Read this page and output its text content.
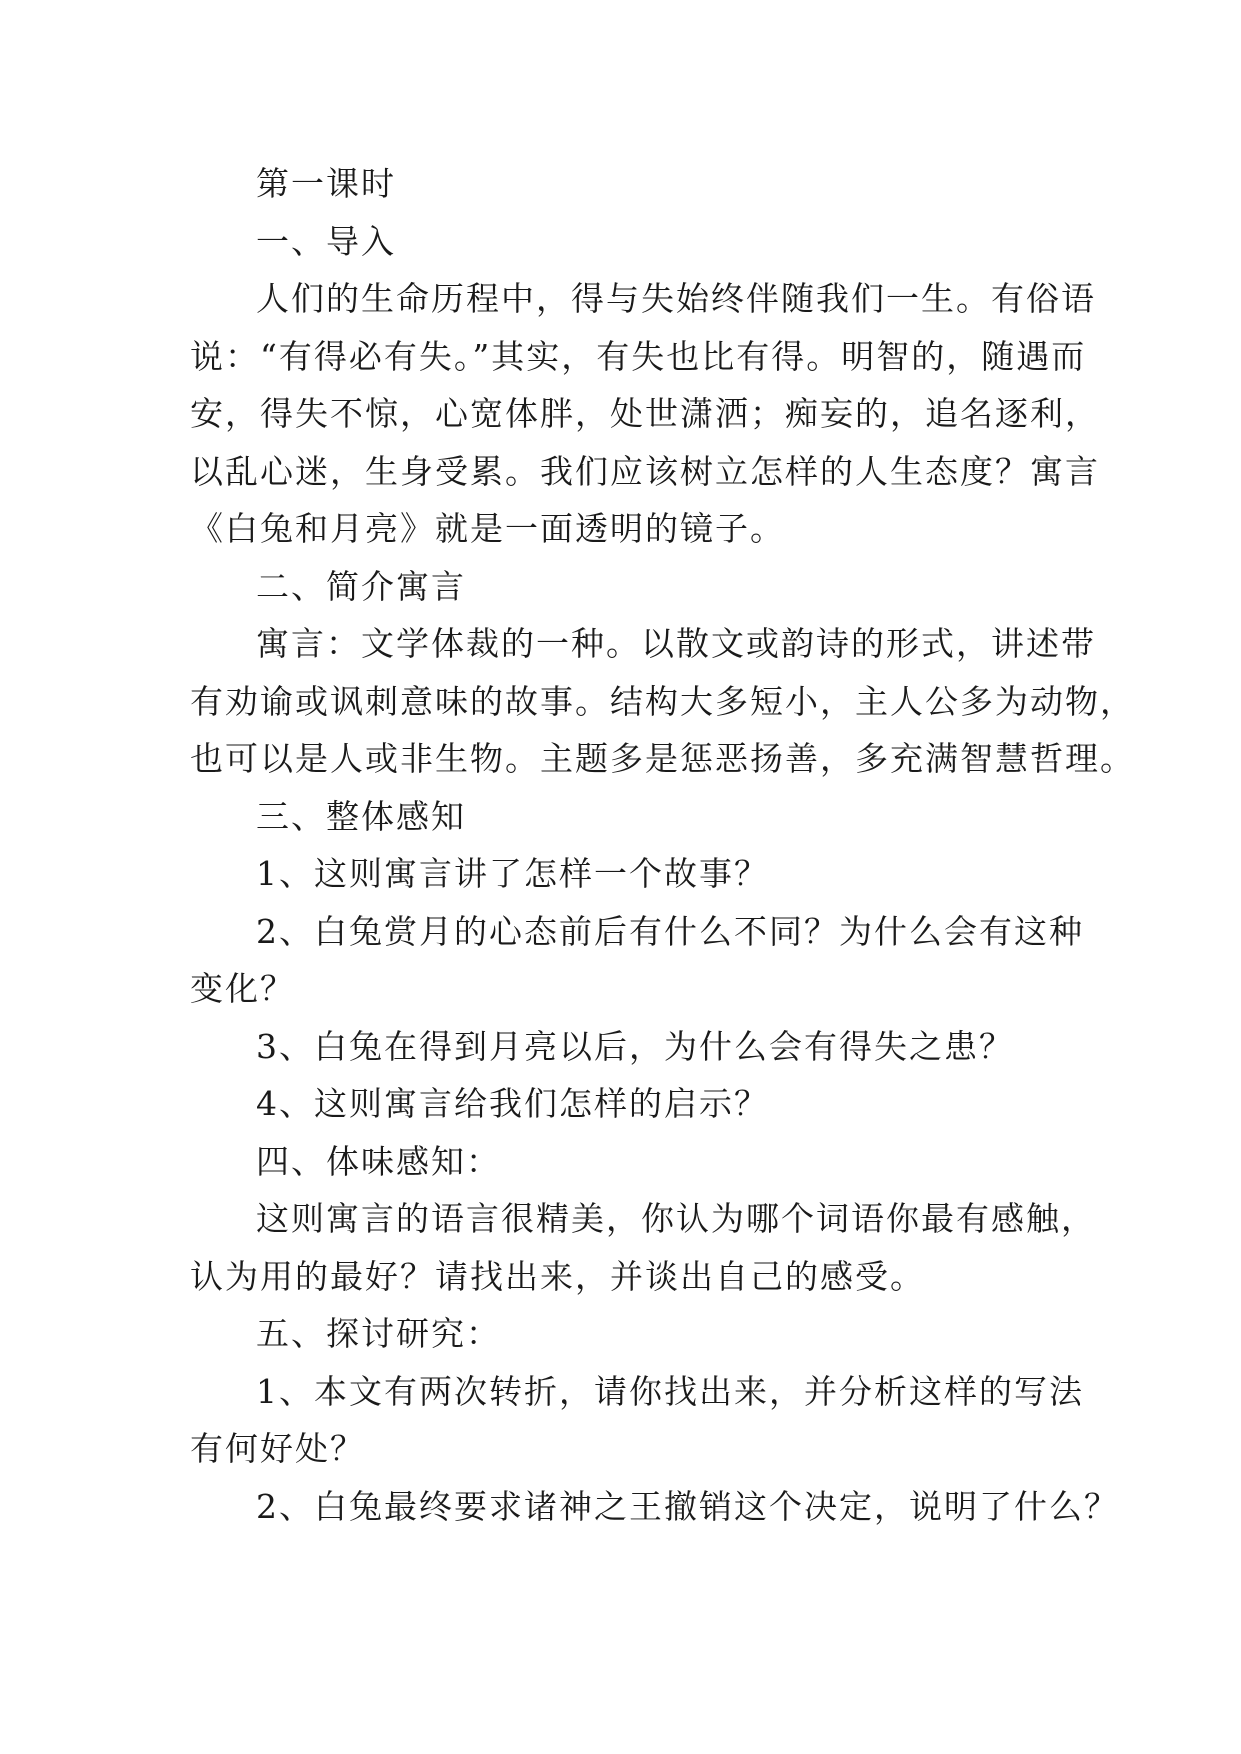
第一课时
一、导入
人们的生命历程中，得与失始终伴随我们一生。有俗语
说：“有得必有失。”其实，有失也比有得。明智的，随遇而
安，得失不惊，心宽体胖，处世潇洒；痴妄的，追名逐利，
以乱心迷，生身受累。我们应该树立怎样的人生态度？寓言
《白兔和月亮》就是一面透明的镜子。
二、简介寓言
寓言：文学体裁的一种。以散文或韵诗的形式，讲述带
有劝谕或讽刺意味的故事。结构大多短小，主人公多为动物，
也可以是人或非生物。主题多是惩恶扬善，多充满智慧哲理。
三、整体感知
1、这则寓言讲了怎样一个故事？
2、白兔赏月的心态前后有什么不同？为什么会有这种
变化？
3、白兔在得到月亮以后，为什么会有得失之患？
4、这则寓言给我们怎样的启示？
四、体味感知：
这则寓言的语言很精美，你认为哪个词语你最有感触，
认为用的最好？请找出来，并谈出自己的感受。
五、探讨研究：
1、本文有两次转折，请你找出来，并分析这样的写法
有何好处？
2、白兔最终要求诸神之王撤销这个决定，说明了什么？
